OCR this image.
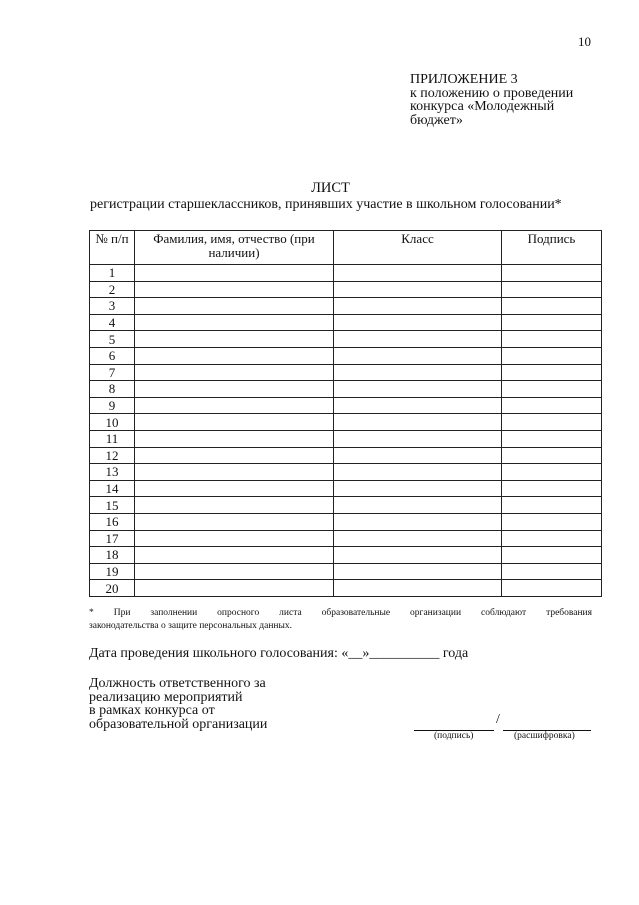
10
ПРИЛОЖЕНИЕ 3
к положению о проведении
конкурса «Молодежный
бюджет»
ЛИСТ
регистрации старшеклассников, принявших участие в школьном голосовании*
№ п/п	Фамилия, имя, отчество (при наличии)	Класс	Подпись
1			
2			
3			
4			
5			
6			
7			
8			
9			
10			
11			
12			
13			
14			
15			
16			
17			
18			
19			
20			
* При заполнении опросного листа образовательные организации соблюдают требования
законодательства о защите персональных данных.
Дата проведения школьного голосования: «__»__________ года
Должность ответственного за
реализацию мероприятий
в рамках конкурса от
образовательной организации	/
(подпись)	(расшифровка)
